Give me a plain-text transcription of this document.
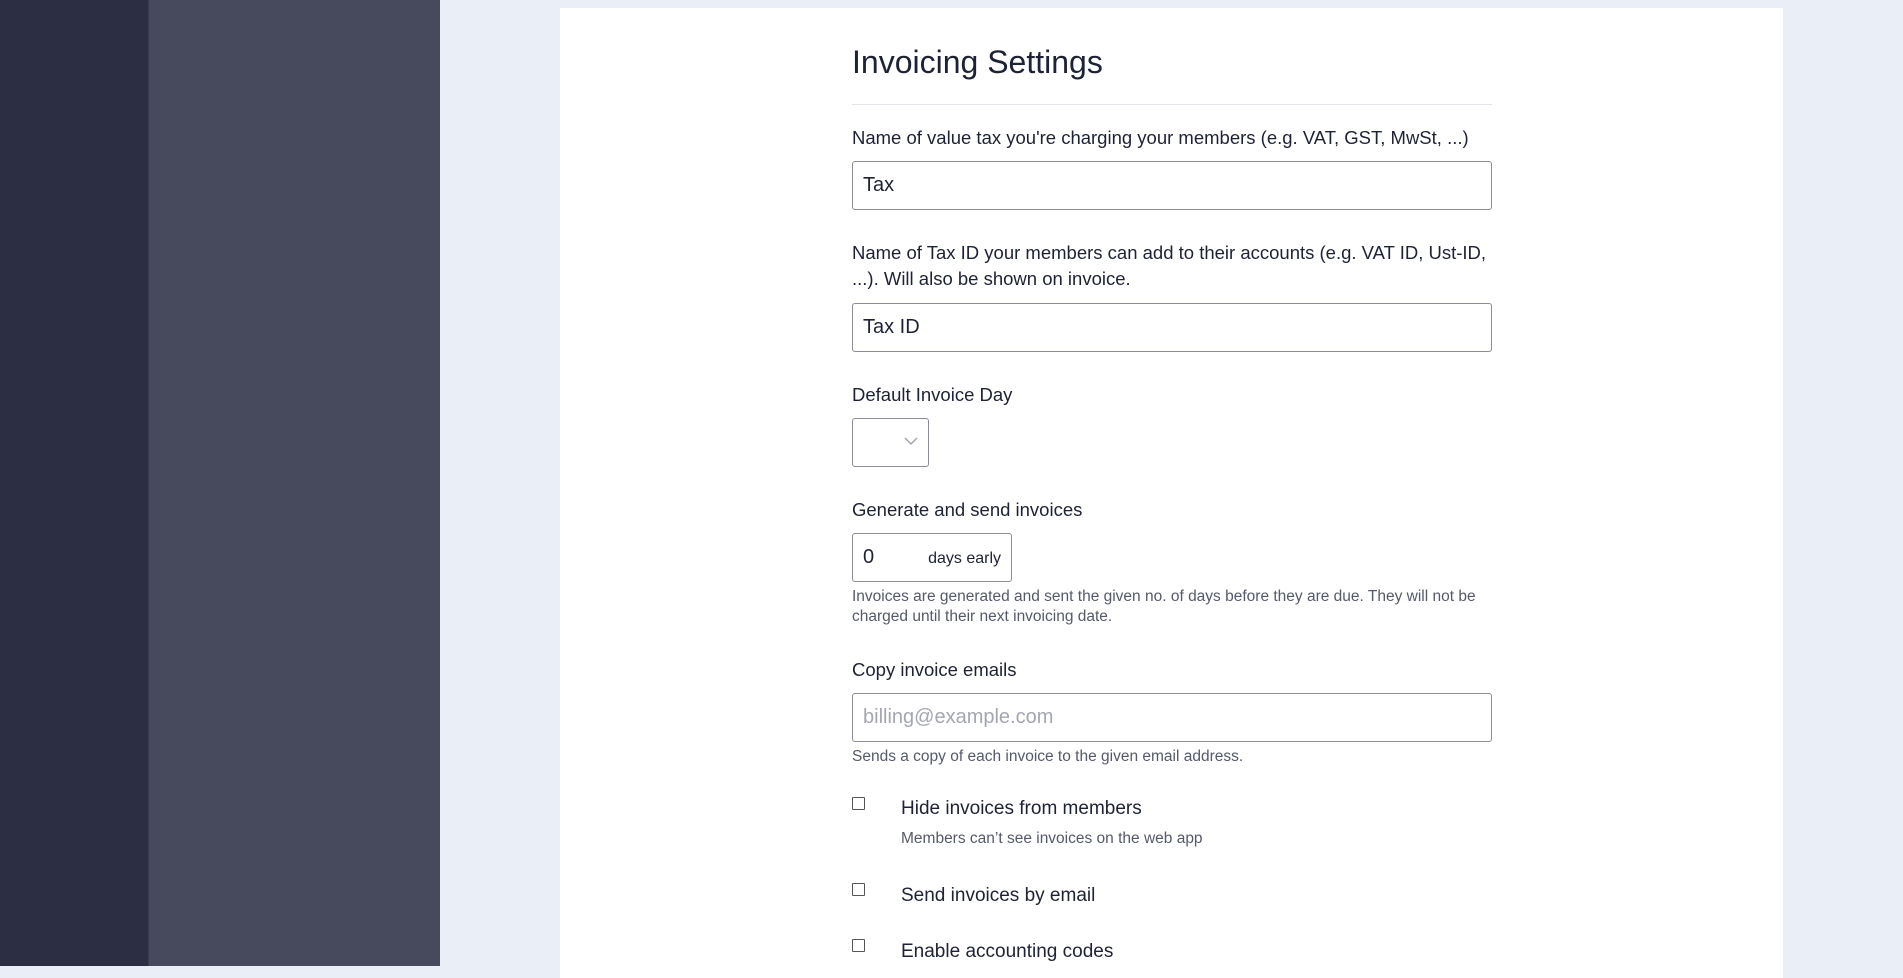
Invoicing Settings
Name of value tax you're charging your members (e.g. VAT, GST, MwSt, ...)
Tax
Name of Tax ID your members can add to their accounts (e.g. VAT ID, Ust-ID,
...). Will also be shown on invoice.
Tax ID
Default Invoice Day
Generate and send invoices
0	days early
Invoices are generated and sent the given no. of days before they are due. They will not be
charged until their next invoicing date.
Copy invoice emails
billing@example.com
Sends a copy of each invoice to the given email address.
Hide invoices from members
Members can’t see invoices on the web app
Send invoices by email
Enable accounting codes
